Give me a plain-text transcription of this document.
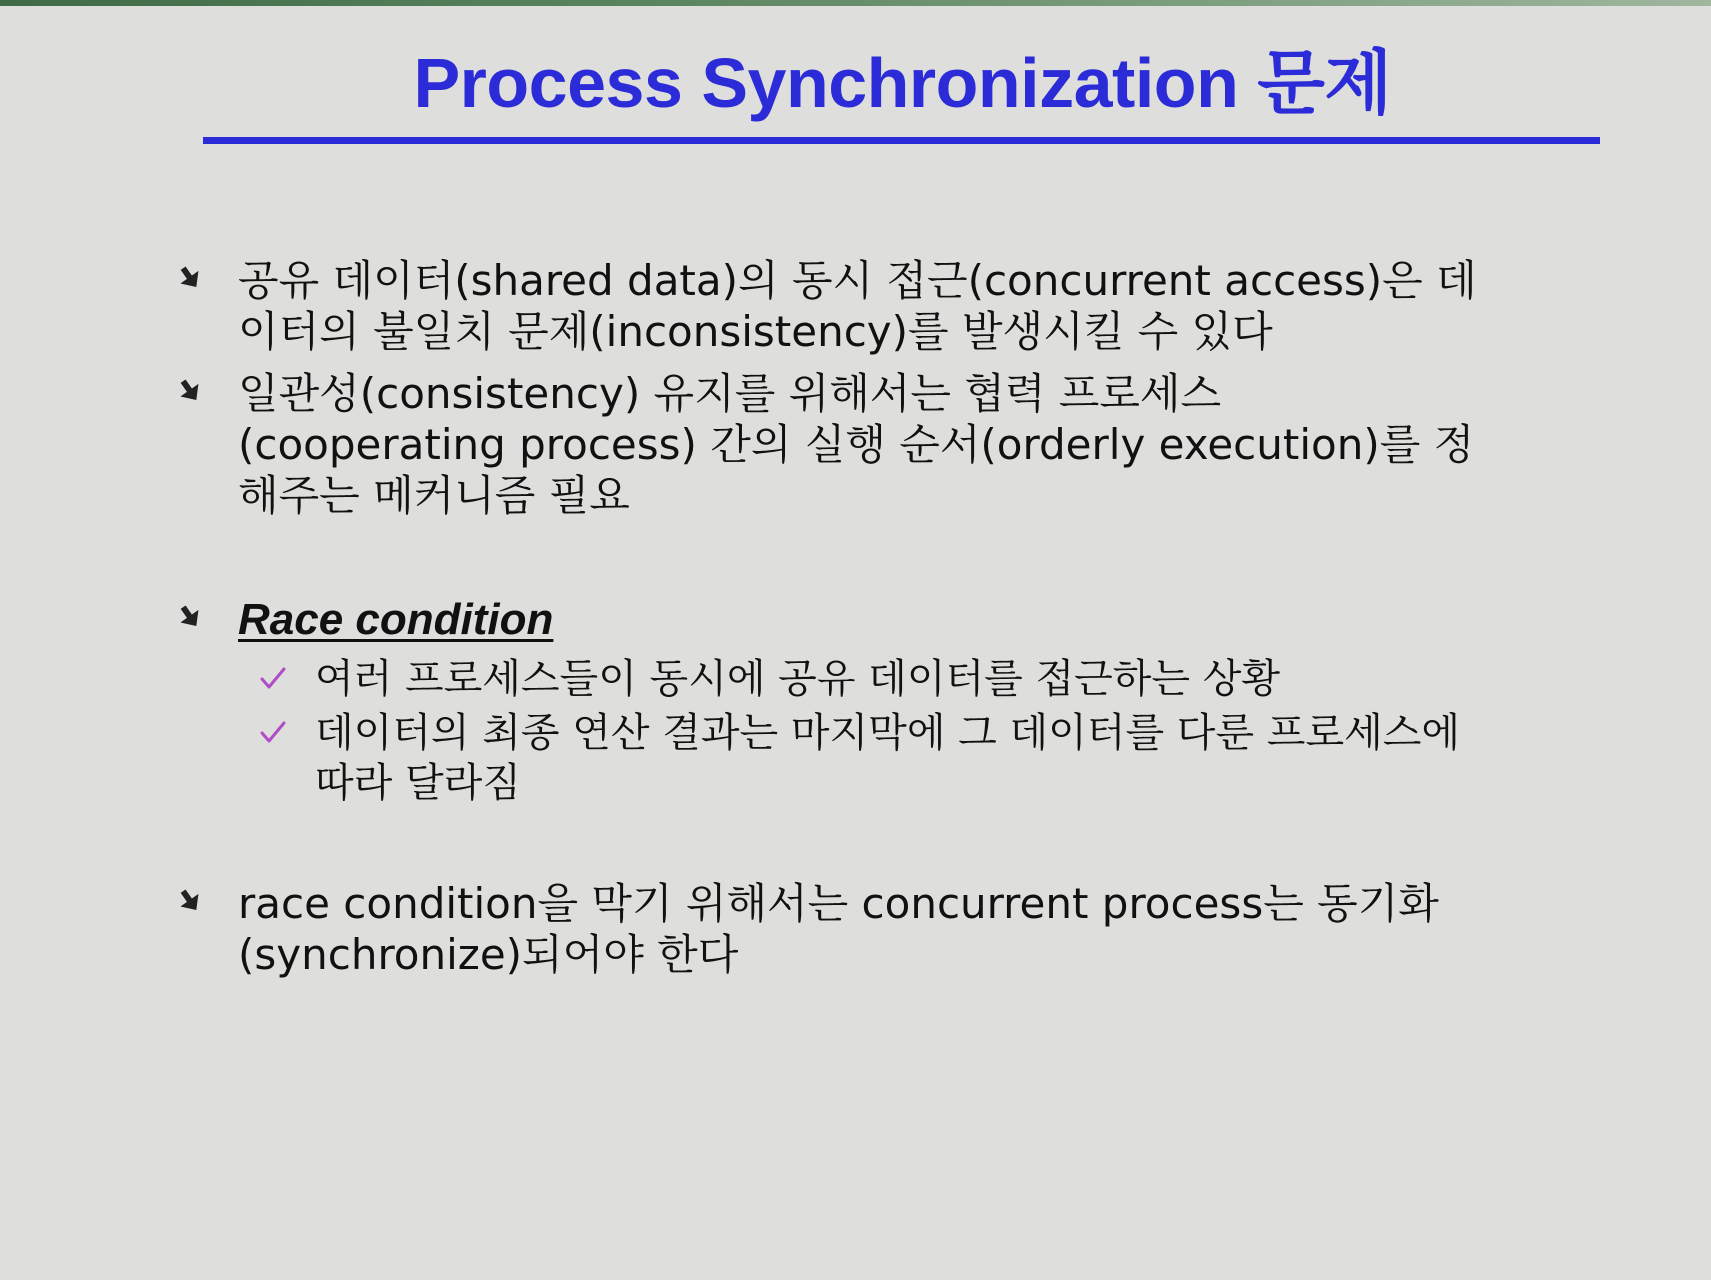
Process Synchronization 문제
공유 데이터(shared data)의 동시 접근(concurrent access)은 데
이터의 불일치 문제(inconsistency)를 발생시킬 수 있다
일관성(consistency) 유지를 위해서는 협력 프로세스
(cooperating process) 간의 실행 순서(orderly execution)를 정
해주는 메커니즘 필요
Race condition
여러 프로세스들이 동시에 공유 데이터를 접근하는 상황
데이터의 최종 연산 결과는 마지막에 그 데이터를 다룬 프로세스에
따라 달라짐
race condition을 막기 위해서는 concurrent process는 동기화
(synchronize)되어야 한다
